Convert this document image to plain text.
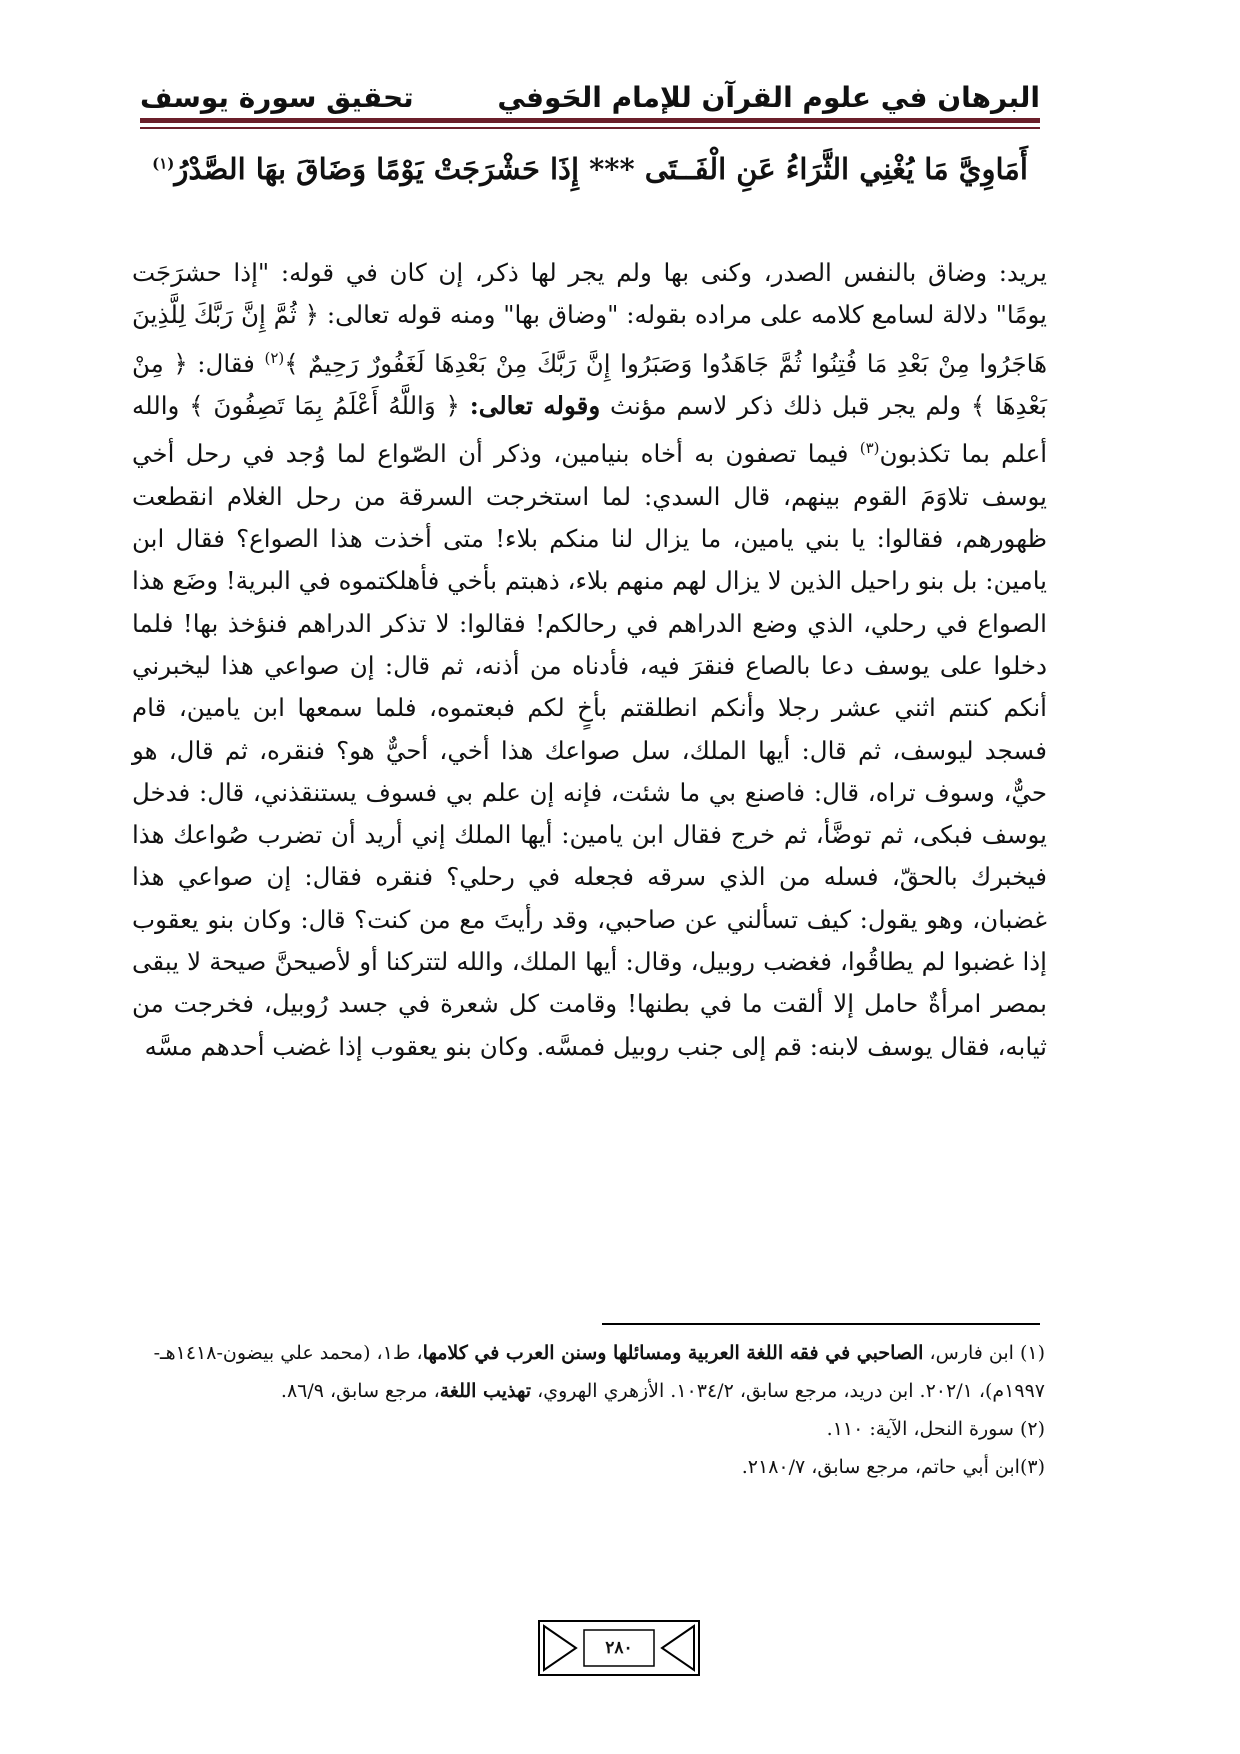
البرهان في علوم القرآن للإمام الحَوفي
تحقيق سورة يوسف
أَمَاوِيَّ مَا يُغْنِي الثَّرَاءُ عَنِ الْفَــتَى *** إِذَا حَشْرَجَتْ يَوْمًا وَضَاقَ بهَا الصَّدْرُ$^{(١)}$

يريد: وضاق بالنفس الصدر، وكنى بها ولم يجر لها ذكر، إن كان في قوله: "إذا حشرَجَت يومًا" دلالة لسامع كلامه على مراده بقوله: "وضاق بها" ومنه قوله تعالى: ﴿ ثُمَّ إِنَّ رَبَّكَ لِلَّذِينَ هَاجَرُوا مِنْ بَعْدِ مَا فُتِنُوا ثُمَّ جَاهَدُوا وَصَبَرُوا إِنَّ رَبَّكَ مِنْ بَعْدِهَا لَغَفُورٌ رَحِيمٌ ﴾$^{(٢)}$ فقال: ﴿ مِنْ بَعْدِهَا ﴾ ولم يجر قبل ذلك ذكر لاسم مؤنث وقوله تعالى: ﴿ وَاللَّهُ أَعْلَمُ بِمَا تَصِفُونَ ﴾ والله أعلم بما تكذبون$^{(٣)}$ فيما تصفون به أخاه بنيامين، وذكر أن الصّواع لما وُجد في رحل أخي يوسف تلاوَمَ القوم بينهم، قال السدي: لما استخرجت السرقة من رحل الغلام انقطعت ظهورهم، فقالوا: يا بني يامين، ما يزال لنا منكم بلاء! متى أخذت هذا الصواع؟ فقال ابن يامين: بل بنو راحيل الذين لا يزال لهم منهم بلاء، ذهبتم بأخي فأهلكتموه في البرية! وضَع هذا الصواع في رحلي، الذي وضع الدراهم في رحالكم! فقالوا: لا تذكر الدراهم فنؤخذ بها! فلما دخلوا على يوسف دعا بالصاع فنقرَ فيه، فأدناه من أذنه، ثم قال: إن صواعي هذا ليخبرني أنكم كنتم اثني عشر رجلا وأنكم انطلقتم بأخٍ لكم فبعتموه، فلما سمعها ابن يامين، قام فسجد ليوسف، ثم قال: أيها الملك، سل صواعك هذا أخي، أحيٌّ هو؟ فنقره، ثم قال، هو حيٌّ، وسوف تراه، قال: فاصنع بي ما شئت، فإنه إن علم بي فسوف يستنقذني، قال: فدخل يوسف فبكى، ثم توضَّأ، ثم خرج فقال ابن يامين: أيها الملك إني أريد أن تضرب صُواعك هذا فيخبرك بالحقّ، فسله من الذي سرقه فجعله في رحلي؟ فنقره فقال: إن صواعي هذا غضبان، وهو يقول: كيف تسألني عن صاحبي، وقد رأيتَ مع من كنت؟ قال: وكان بنو يعقوب إذا غضبوا لم يطاقُوا، فغضب روبيل، وقال: أيها الملك، والله لتتركنا أو لأصيحنَّ صيحة لا يبقى بمصر امرأةٌ حامل إلا ألقت ما في بطنها! وقامت كل شعرة في جسد رُوبيل، فخرجت من ثيابه، فقال يوسف لابنه: قم إلى جنب روبيل فمسَّه. وكان بنو يعقوب إذا غضب أحدهم مسَّه

(١) ابن فارس، الصاحبي في فقه اللغة العربية ومسائلها وسنن العرب في كلامها، ط١، (محمد علي بيضون-١٤١٨هـ-
١٩٩٧م)، ٢٠٢/١. ابن دريد، مرجع سابق، ١٠٣٤/٢. الأزهري الهروي، تهذيب اللغة، مرجع سابق، ٨٦/٩.
(٢) سورة النحل، الآية: ١١٠.
(٣)ابن أبي حاتم، مرجع سابق، ٢١٨٠/٧.
٢٨٠
